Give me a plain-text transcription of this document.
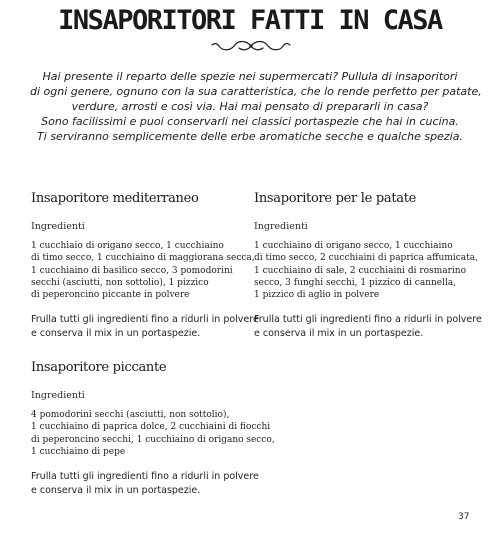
INSAPORITORI FATTI IN CASA
Hai presente il reparto delle spezie nei supermercati? Pullula di insaporitori
di ogni genere, ognuno con la sua caratteristica, che lo rende perfetto per patate,
verdure, arrosti e così via. Hai mai pensato di prepararli in casa?
Sono facilissimi e puoi conservarli nei classici portaspezie che hai in cucina.
Ti serviranno semplicemente delle erbe aromatiche secche e qualche spezia.
Insaporitore mediterraneo
Ingredienti
1 cucchiaio di origano secco, 1 cucchiaino
di timo secco, 1 cucchiaino di maggiorana secca,
1 cucchiaino di basilico secco, 3 pomodorini
secchi (asciutti, non sottolio), 1 pizzico
di peperoncino piccante in polvere
Frulla tutti gli ingredienti fino a ridurli in polvere
e conserva il mix in un portaspezie.
Insaporitore per le patate
Ingredienti
1 cucchiaino di origano secco, 1 cucchiaino
di timo secco, 2 cucchiaini di paprica affumicata,
1 cucchiaino di sale, 2 cucchiaini di rosmarino
secco, 3 funghi secchi, 1 pizzico di cannella,
1 pizzico di aglio in polvere
Frulla tutti gli ingredienti fino a ridurli in polvere
e conserva il mix in un portaspezie.
Insaporitore piccante
Ingredienti
4 pomodorini secchi (asciutti, non sottolio),
1 cucchiaino di paprica dolce, 2 cucchiaini di fiocchi
di peperoncino secchi, 1 cucchiaino di origano secco,
1 cucchiaino di pepe
Frulla tutti gli ingredienti fino a ridurli in polvere
e conserva il mix in un portaspezie.
37
